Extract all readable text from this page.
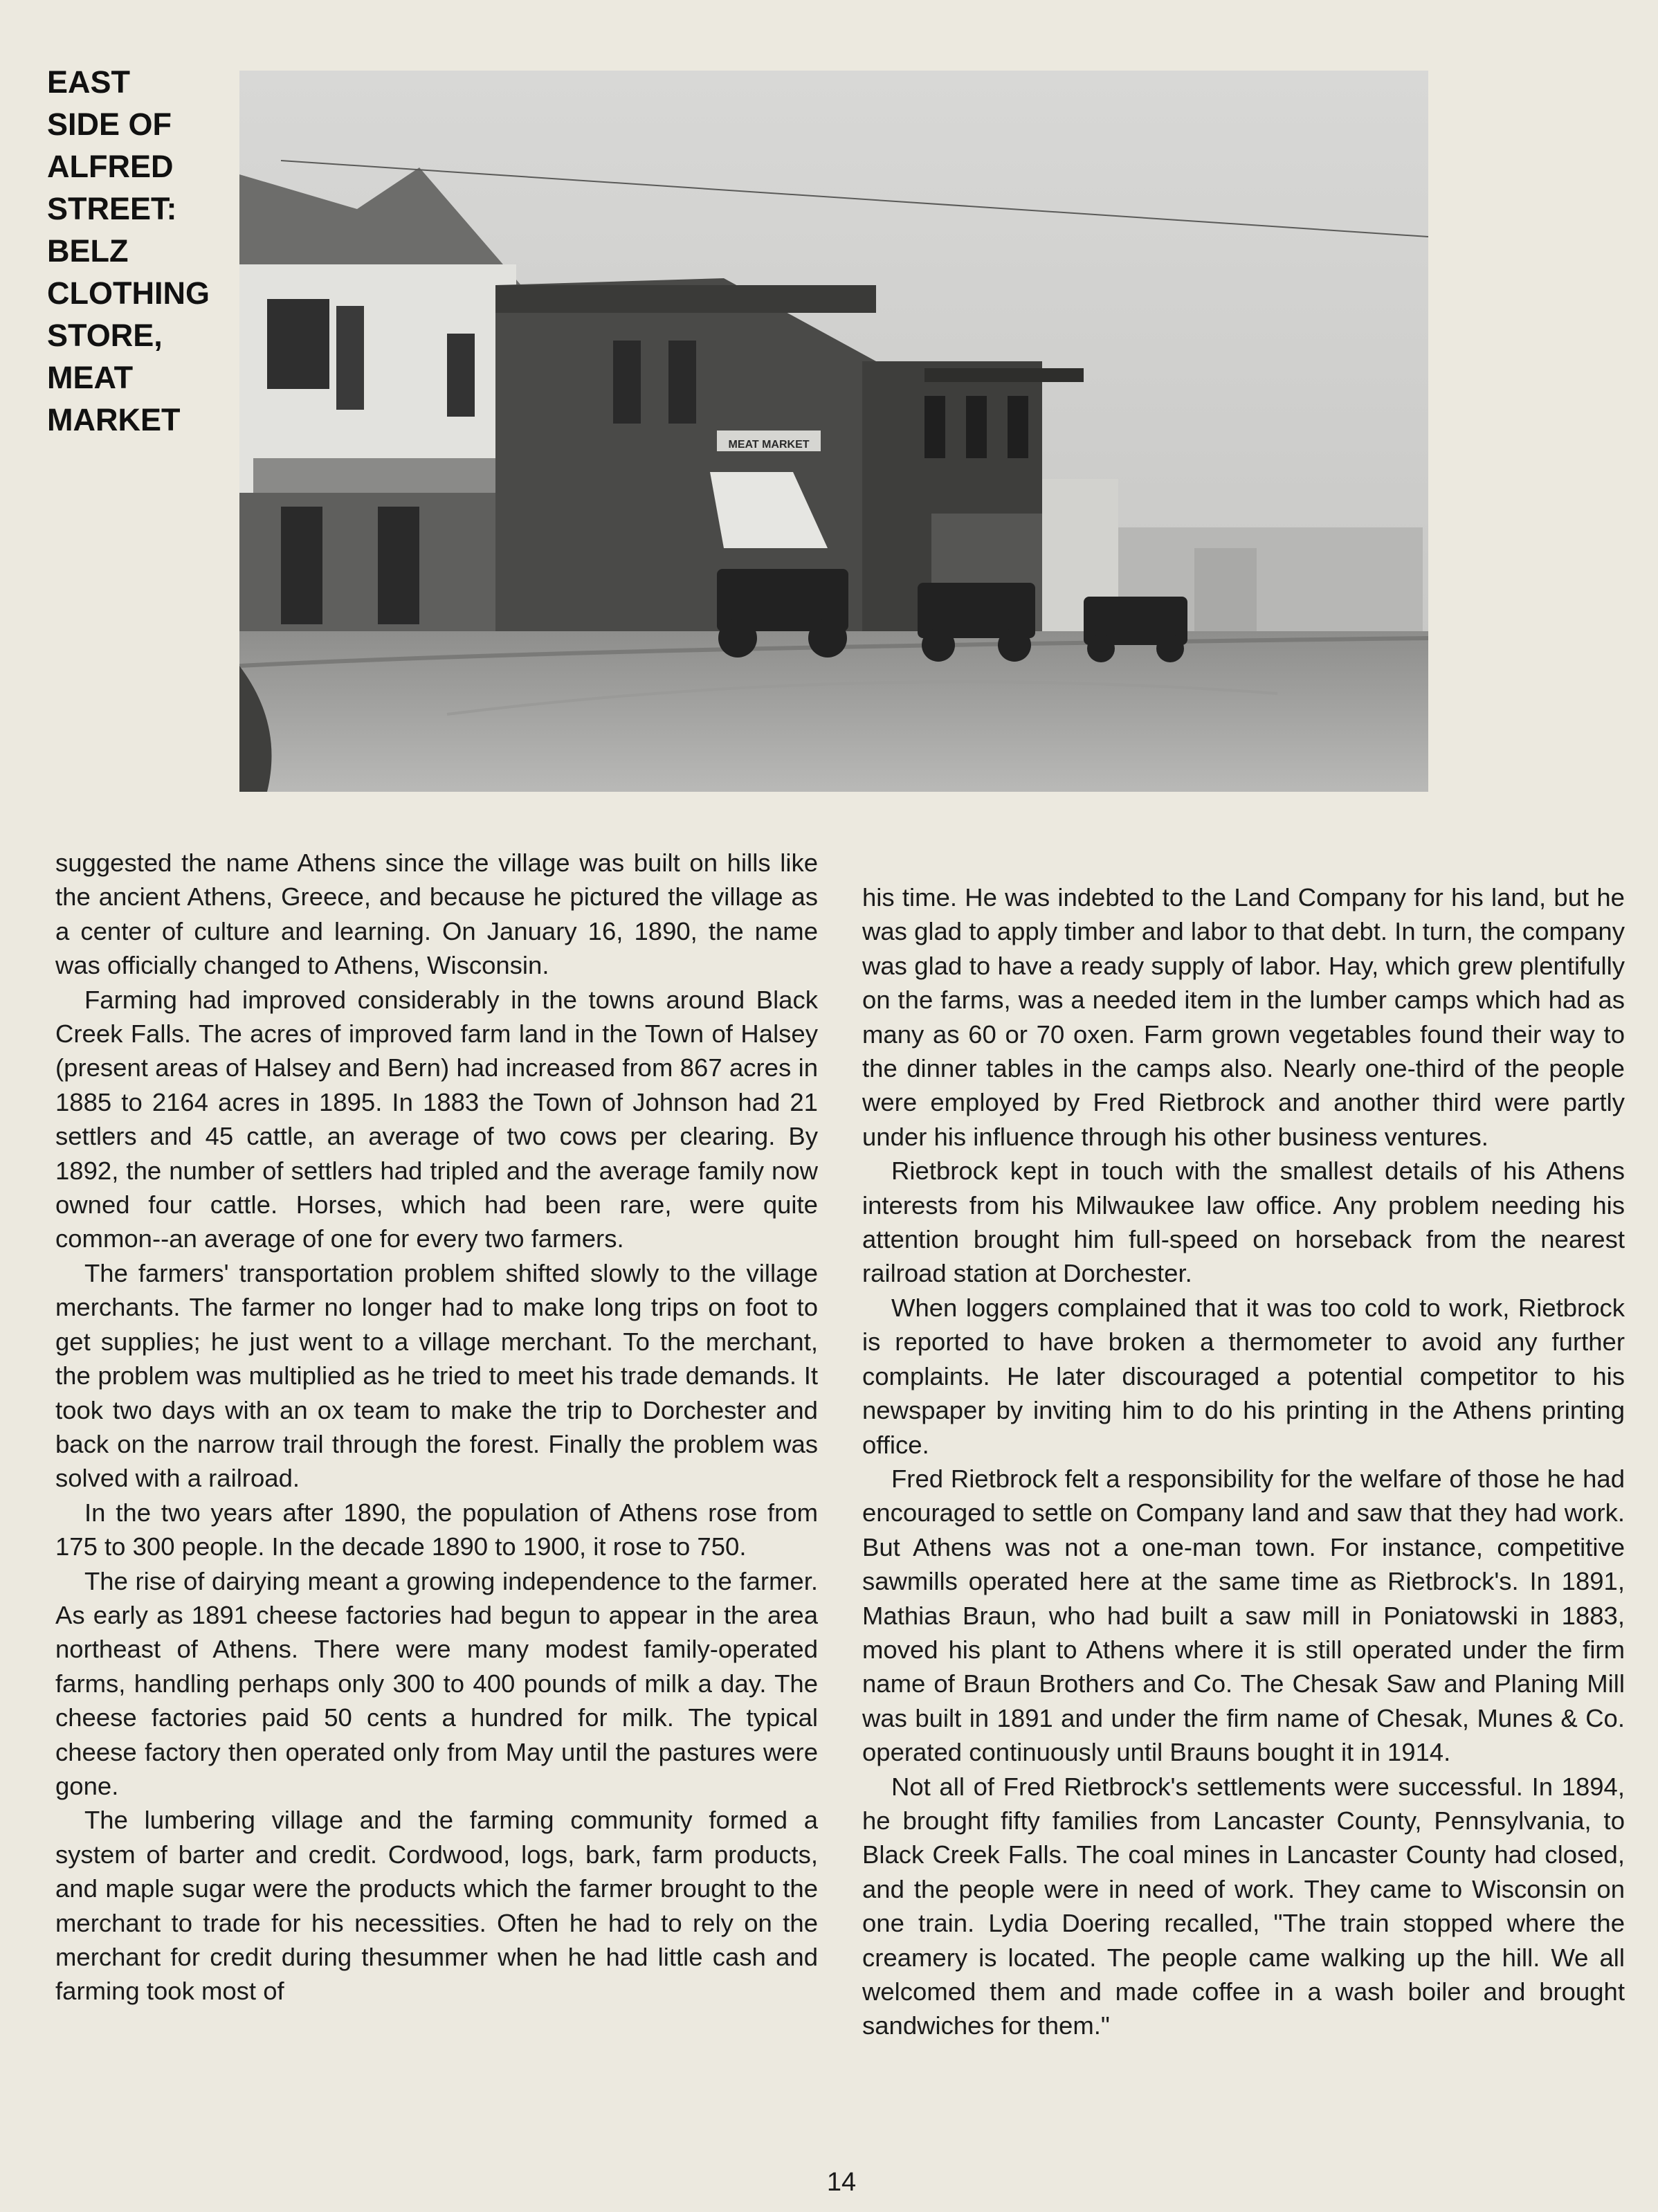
EAST
SIDE OF
ALFRED
STREET:
BELZ
CLOTHING
STORE,
MEAT
MARKET
MEAT MARKET

suggested the name Athens since the village was built on hills like the ancient Athens, Greece, and because he pictured the village as a center of culture and learning. On January 16, 1890, the name was officially changed to Athens, Wisconsin.

Farming had improved considerably in the towns around Black Creek Falls. The acres of improved farm land in the Town of Halsey (present areas of Halsey and Bern) had increased from 867 acres in 1885 to 2164 acres in 1895. In 1883 the Town of Johnson had 21 settlers and 45 cattle, an average of two cows per clearing. By 1892, the number of settlers had tripled and the average family now owned four cattle. Horses, which had been rare, were quite common--an average of one for every two farmers.

The farmers' transportation problem shifted slowly to the village merchants. The farmer no longer had to make long trips on foot to get supplies; he just went to a village merchant. To the merchant, the problem was multiplied as he tried to meet his trade demands. It took two days with an ox team to make the trip to Dorchester and back on the narrow trail through the forest. Finally the problem was solved with a railroad.

In the two years after 1890, the population of Athens rose from 175 to 300 people. In the decade 1890 to 1900, it rose to 750.

The rise of dairying meant a growing independence to the farmer. As early as 1891 cheese factories had begun to appear in the area northeast of Athens. There were many modest family-operated farms, handling perhaps only 300 to 400 pounds of milk a day. The cheese factories paid 50 cents a hundred for milk. The typical cheese factory then operated only from May until the pastures were gone.

The lumbering village and the farming community formed a system of barter and credit. Cordwood, logs, bark, farm products, and maple sugar were the products which the farmer brought to the merchant to trade for his necessities. Often he had to rely on the merchant for credit during thesummer when he had little cash and farming took most of

his time. He was indebted to the Land Company for his land, but he was glad to apply timber and labor to that debt. In turn, the company was glad to have a ready supply of labor. Hay, which grew plentifully on the farms, was a needed item in the lumber camps which had as many as 60 or 70 oxen. Farm grown vegetables found their way to the dinner tables in the camps also. Nearly one-third of the people were employed by Fred Rietbrock and another third were partly under his influence through his other business ventures.

Rietbrock kept in touch with the smallest details of his Athens interests from his Milwaukee law office. Any problem needing his attention brought him full-speed on horseback from the nearest railroad station at Dorchester.

When loggers complained that it was too cold to work, Rietbrock is reported to have broken a thermometer to avoid any further complaints. He later discouraged a potential competitor to his newspaper by inviting him to do his printing in the Athens printing office.

Fred Rietbrock felt a responsibility for the welfare of those he had encouraged to settle on Company land and saw that they had work. But Athens was not a one-man town. For instance, competitive sawmills operated here at the same time as Rietbrock's. In 1891, Mathias Braun, who had built a saw mill in Poniatowski in 1883, moved his plant to Athens where it is still operated under the firm name of Braun Brothers and Co. The Chesak Saw and Planing Mill was built in 1891 and under the firm name of Chesak, Munes & Co. operated continuously until Brauns bought it in 1914.

Not all of Fred Rietbrock's settlements were successful. In 1894, he brought fifty families from Lancaster County, Pennsylvania, to Black Creek Falls. The coal mines in Lancaster County had closed, and the people were in need of work. They came to Wisconsin on one train. Lydia Doering recalled, "The train stopped where the creamery is located. The people came walking up the hill. We all welcomed them and made coffee in a wash boiler and brought sandwiches for them."

14
